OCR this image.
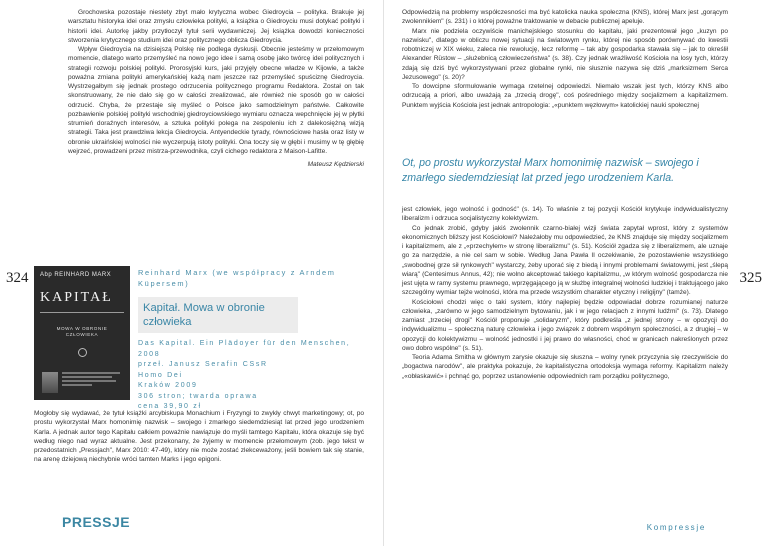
Grochowska pozostaje niestety zbyt mało krytyczna wobec Giedroycia – polityka. Brakuje jej warsztatu historyka idei oraz zmysłu człowieka polityki, a książka o Giedroyciu musi dotykać polityki i historii idei. Autorkę jakby przytłoczył tytuł serii wydawniczej. Jej książka dowodzi konieczności stworzenia krytycznego studium idei oraz politycznego oblicza Giedroycia.

Wpływ Giedroycia na dzisiejszą Polskę nie podlega dyskusji. Obecnie jesteśmy w przełomowym momencie, dlatego warto przemyśleć na nowo jego idee i samą osobę jako twórcę idei politycznych i strategii rozwoju polskiej polityki. Prorosyjski kurs, jaki przyjęły obecne władze w Kijowie, a także poważna zmiana polityki amerykańskiej każą nam jeszcze raz przemyśleć spuściznę Giedroycia. Wystrzegałbym się jednak prostego odrzucenia politycznego programu Redaktora. Został on tak skonstruowany, że nie dało się go w całości zrealizować, ale również nie sposób go w całości odrzucić. Chyba, że przestaje się myśleć o Polsce jako samodzielnym państwie. Całkowite pozbawienie polskiej polityki wschodniej giedroyciowskiego wymiaru oznacza wepchnięcie jej w płytki strumień doraźnych interesów, a sztuka polityki polega na zespoleniu ich z dalekosiężną wizją strategii. Taka jest prawdziwa lekcja Giedroycia. Antyendeckie tyrady, równościowe hasła oraz listy w obronie ukraińskiej wolności nie wyczerpują istoty polityki. Ona toczy się w głębi i musimy w tę głębię wejrzeć, prowadzeni przez mistrza-przewodnika, czyli cichego redaktora z Maison-Lafitte.

Mateusz Kędzierski
324 Abp REINHARD MARX
KAPITAŁ
MOWA W OBRONIE
CZŁOWIEKA
Reinhard Marx (we współpracy z Arndem Küpersem)
Kapitał. Mowa w obronie człowieka
Das Kapital. Ein Plädoyer für den Menschen, 2008
przeł. Janusz Serafin CSsR
Homo Dei
Kraków 2009
306 stron; twarda oprawa
cena 39,90 zł

Mogłoby się wydawać, że tytuł książki arcybiskupa Monachium i Fryzyngi to zwykły chwyt marketingowy; ot, po prostu wykorzystał Marx homonimię nazwisk – swojego i zmarłego siedemdziesiąt lat przed jego urodzeniem Karla. A jednak autor tego Kapitału całkiem poważnie nawiązuje do myśli tamtego Kapitału, która okazuje się być według niego nad wyraz aktualne. Jest przekonany, że żyjemy w momencie przełomowym (zob. jego tekst w przedostatnich „Pressjach", Marx 2010: 47-49), który nie może zostać zlekceważony, jeśli bowiem tak się stanie, na arenę dziejową niechybnie wróci tamten Marks i jego epigoni.

PRESSJE

Odpowiedzią na problemy współczesności ma być katolicka nauka społeczna (KNS), której Marx jest „gorącym zwolennikiem" (s. 231) i o której poważne traktowanie w debacie publicznej apeluje.

Marx nie podziela oczywiście manichejskiego stosunku do kapitału, jaki prezentował jego „kuzyn po nazwisku", dlatego w obliczu nowej sytuacji na światowym rynku, której nie sposób porównywać do kwestii robotniczej w XIX wieku, zaleca nie rewolucję, lecz reformę – tak aby gospodarka stawała się – jak to określił Alexander Rüstow – „służebnicą człowieczeństwa" (s. 38). Czy jednak wrażliwość Kościoła na losy tych, którzy zdają się dziś być wykorzystywani przez globalne rynki, nie słusznie nazywa się dziś „marksizmem Serca Jezusowego" (s. 20)?

To dowcipne sformułowanie wymaga rzetelnej odpowiedzi. Niemało wszak jest tych, którzy KNS albo odrzucają a priori, albo uważają za „trzecią drogę", coś pośredniego między socjalizmem a kapitalizmem. Punktem wyjścia Kościoła jest jednak antropologia: „«punktem węzłowym» katolickiej nauki społecznej

Ot, po prostu wykorzystał Marx homonimię nazwisk – swojego i zmarłego siedemdziesiąt lat przed jego urodzeniem Karla.

jest człowiek, jego wolność i godność" (s. 14). To właśnie z tej pozycji Kościół krytykuje indywidualistyczny liberalizm i odrzuca socjalistyczny kolektywizm.

Co jednak zrobić, gdyby jakiś zwolennik czarno-białej wizji świata zapytał wprost, który z systemów ekonomicznych bliższy jest Kościołowi? Należałoby mu odpowiedzieć, że KNS znajduje się między socjalizmem i kapitalizmem, ale z „«przechyłem» w stronę liberalizmu" (s. 51). Kościół zgadza się z liberalizmem, ale uznaje go za narzędzie, a nie cel sam w sobie. Według Jana Pawła II oczekiwanie, że pozostawienie wszystkiego „swobodnej grze sił rynkowych" wystarczy, żeby uporać się z biedą i innymi problemami światowymi, jest „ślepą wiarą" (Centesimus Annus, 42); nie wolno akceptować takiego kapitalizmu, „w którym wolność gospodarcza nie jest ujęta w ramy systemu prawnego, wprzęgającego ją w służbę integralnej wolności ludzkiej i traktującego jako szczególny wymiar tejże wolności, która ma przede wszystkim charakter etyczny i religijny" (tamże).

Kościołowi chodzi więc o taki system, który najlepiej będzie odpowiadał dobrze rozumianej naturze człowieka, „zarówno w jego samodzielnym bytowaniu, jak i w jego relacjach z innymi ludźmi" (s. 73). Dlatego zamiast „trzeciej drogi" Kościół proponuje „solidaryzm", który podkreśla „z jednej strony – w opozycji do indywidualizmu – społeczną naturę człowieka i jego związek z dobrem wspólnym społeczności, a z drugiej – w opozycji do kolektywizmu – wolność jednostki i jej prawo do własności, choć w granicach nakreślonych przez owo dobro wspólne" (s. 51).

Teoria Adama Smitha w głównym zarysie okazuje się słuszna – wolny rynek przyczynia się rzeczywiście do „bogactwa narodów", ale praktyka pokazuje, że kapitalistyczna ortodoksja wymaga reformy. Kapitalizm należy „«obłaskawić» i pchnąć go, poprzez ustanowienie odpowiednich ram porządku politycznego,

325
Kompressje
